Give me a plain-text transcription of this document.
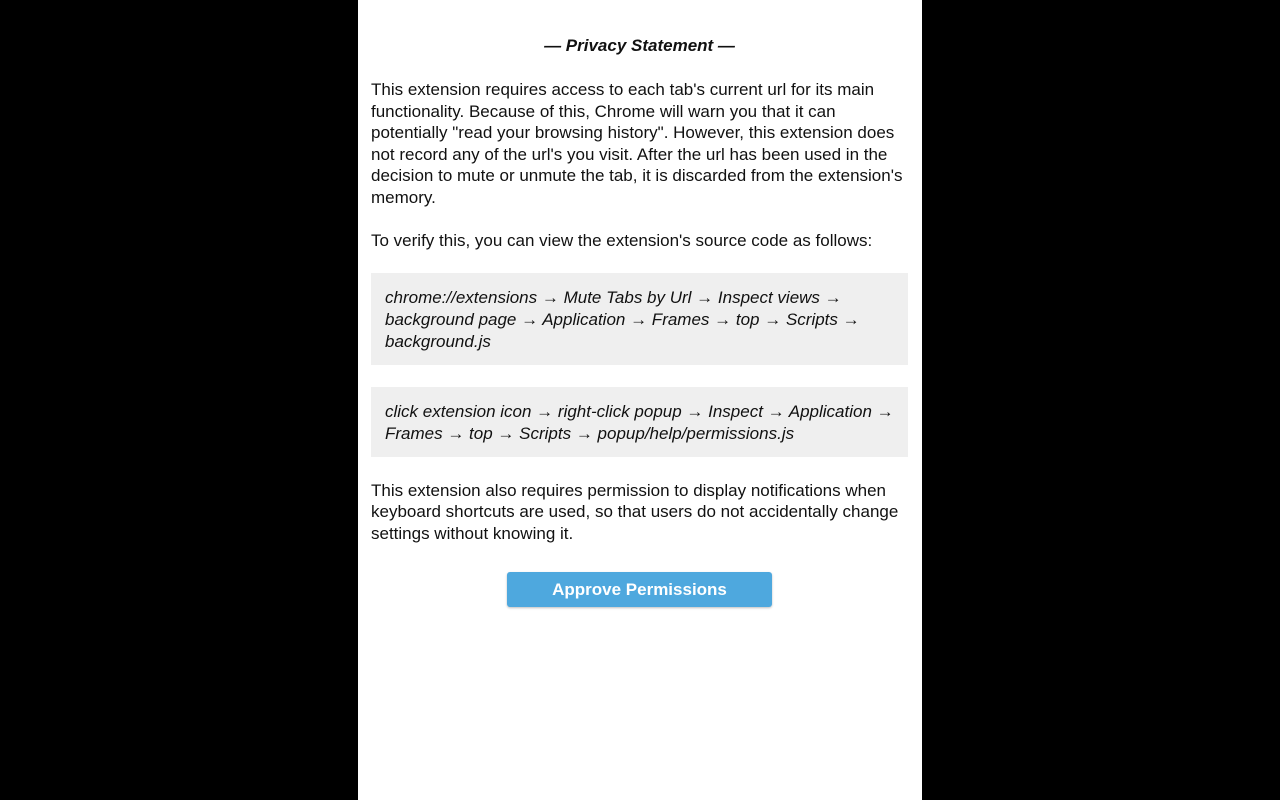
— Privacy Statement —

This extension requires access to each tab's current url for its main functionality. Because of this, Chrome will warn you that it can potentially "read your browsing history". However, this extension does not record any of the url's you visit. After the url has been used in the decision to mute or unmute the tab, it is discarded from the extension's memory.

To verify this, you can view the extension's source code as follows:

chrome://extensions → Mute Tabs by Url → Inspect views → background page → Application → Frames → top → Scripts → background.js
click extension icon → right-click popup → Inspect → Application → Frames → top → Scripts → popup/help/permissions.js

This extension also requires permission to display notifications when keyboard shortcuts are used, so that users do not accidentally change settings without knowing it.

Approve Permissions
